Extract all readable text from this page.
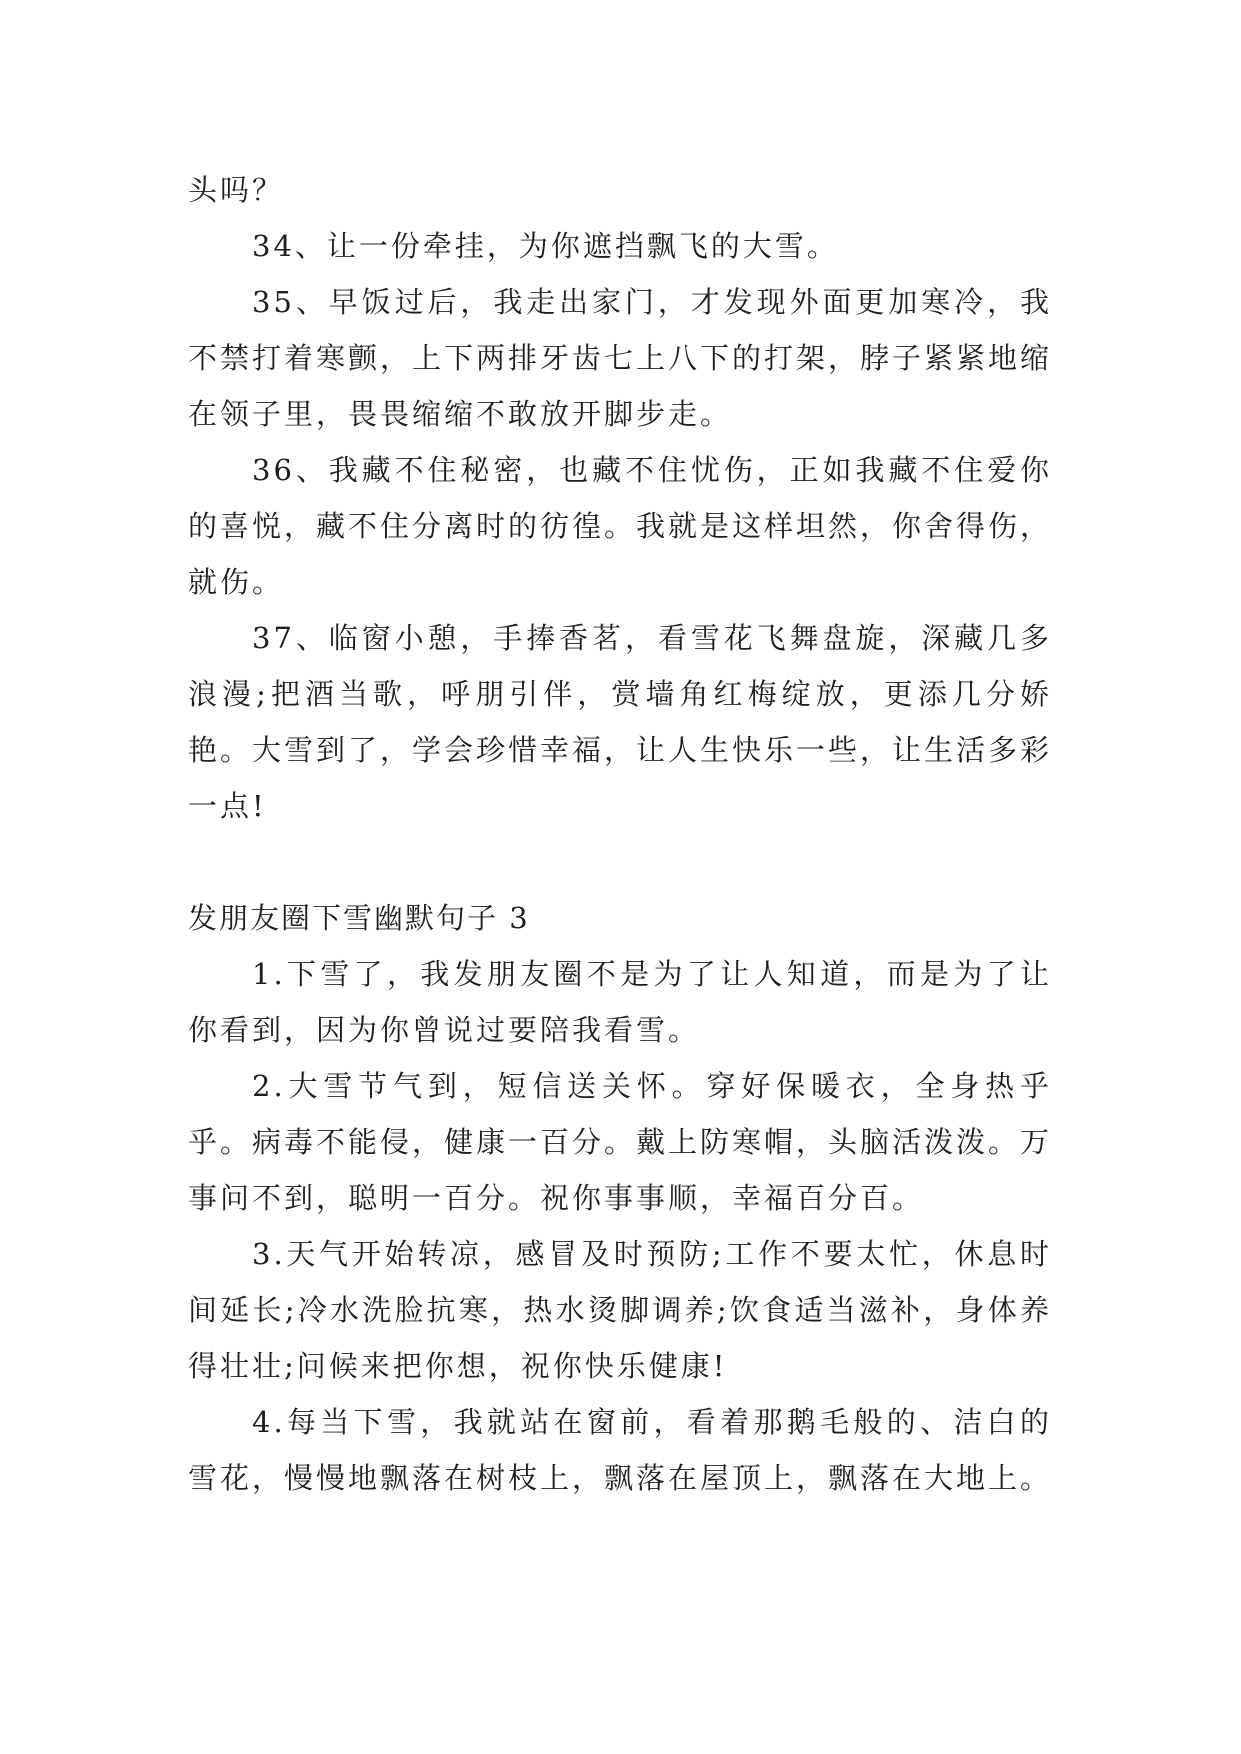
头吗？

34、让一份牵挂，为你遮挡飘飞的大雪。

35、早饭过后，我走出家门，才发现外面更加寒冷，我不禁打着寒颤，上下两排牙齿七上八下的打架，脖子紧紧地缩在领子里，畏畏缩缩不敢放开脚步走。

36、我藏不住秘密，也藏不住忧伤，正如我藏不住爱你的喜悦，藏不住分离时的彷徨。我就是这样坦然，你舍得伤，就伤。

37、临窗小憩，手捧香茗，看雪花飞舞盘旋，深藏几多浪漫;把酒当歌，呼朋引伴，赏墙角红梅绽放，更添几分娇艳。大雪到了，学会珍惜幸福，让人生快乐一些，让生活多彩一点!

发朋友圈下雪幽默句子 3

1.下雪了，我发朋友圈不是为了让人知道，而是为了让你看到，因为你曾说过要陪我看雪。

2.大雪节气到，短信送关怀。穿好保暖衣，全身热乎乎。病毒不能侵，健康一百分。戴上防寒帽，头脑活泼泼。万事问不到，聪明一百分。祝你事事顺，幸福百分百。

3.天气开始转凉，感冒及时预防;工作不要太忙，休息时间延长;冷水洗脸抗寒，热水烫脚调养;饮食适当滋补，身体养得壮壮;问候来把你想，祝你快乐健康!

4.每当下雪，我就站在窗前，看着那鹅毛般的、洁白的雪花，慢慢地飘落在树枝上，飘落在屋顶上，飘落在大地上。
